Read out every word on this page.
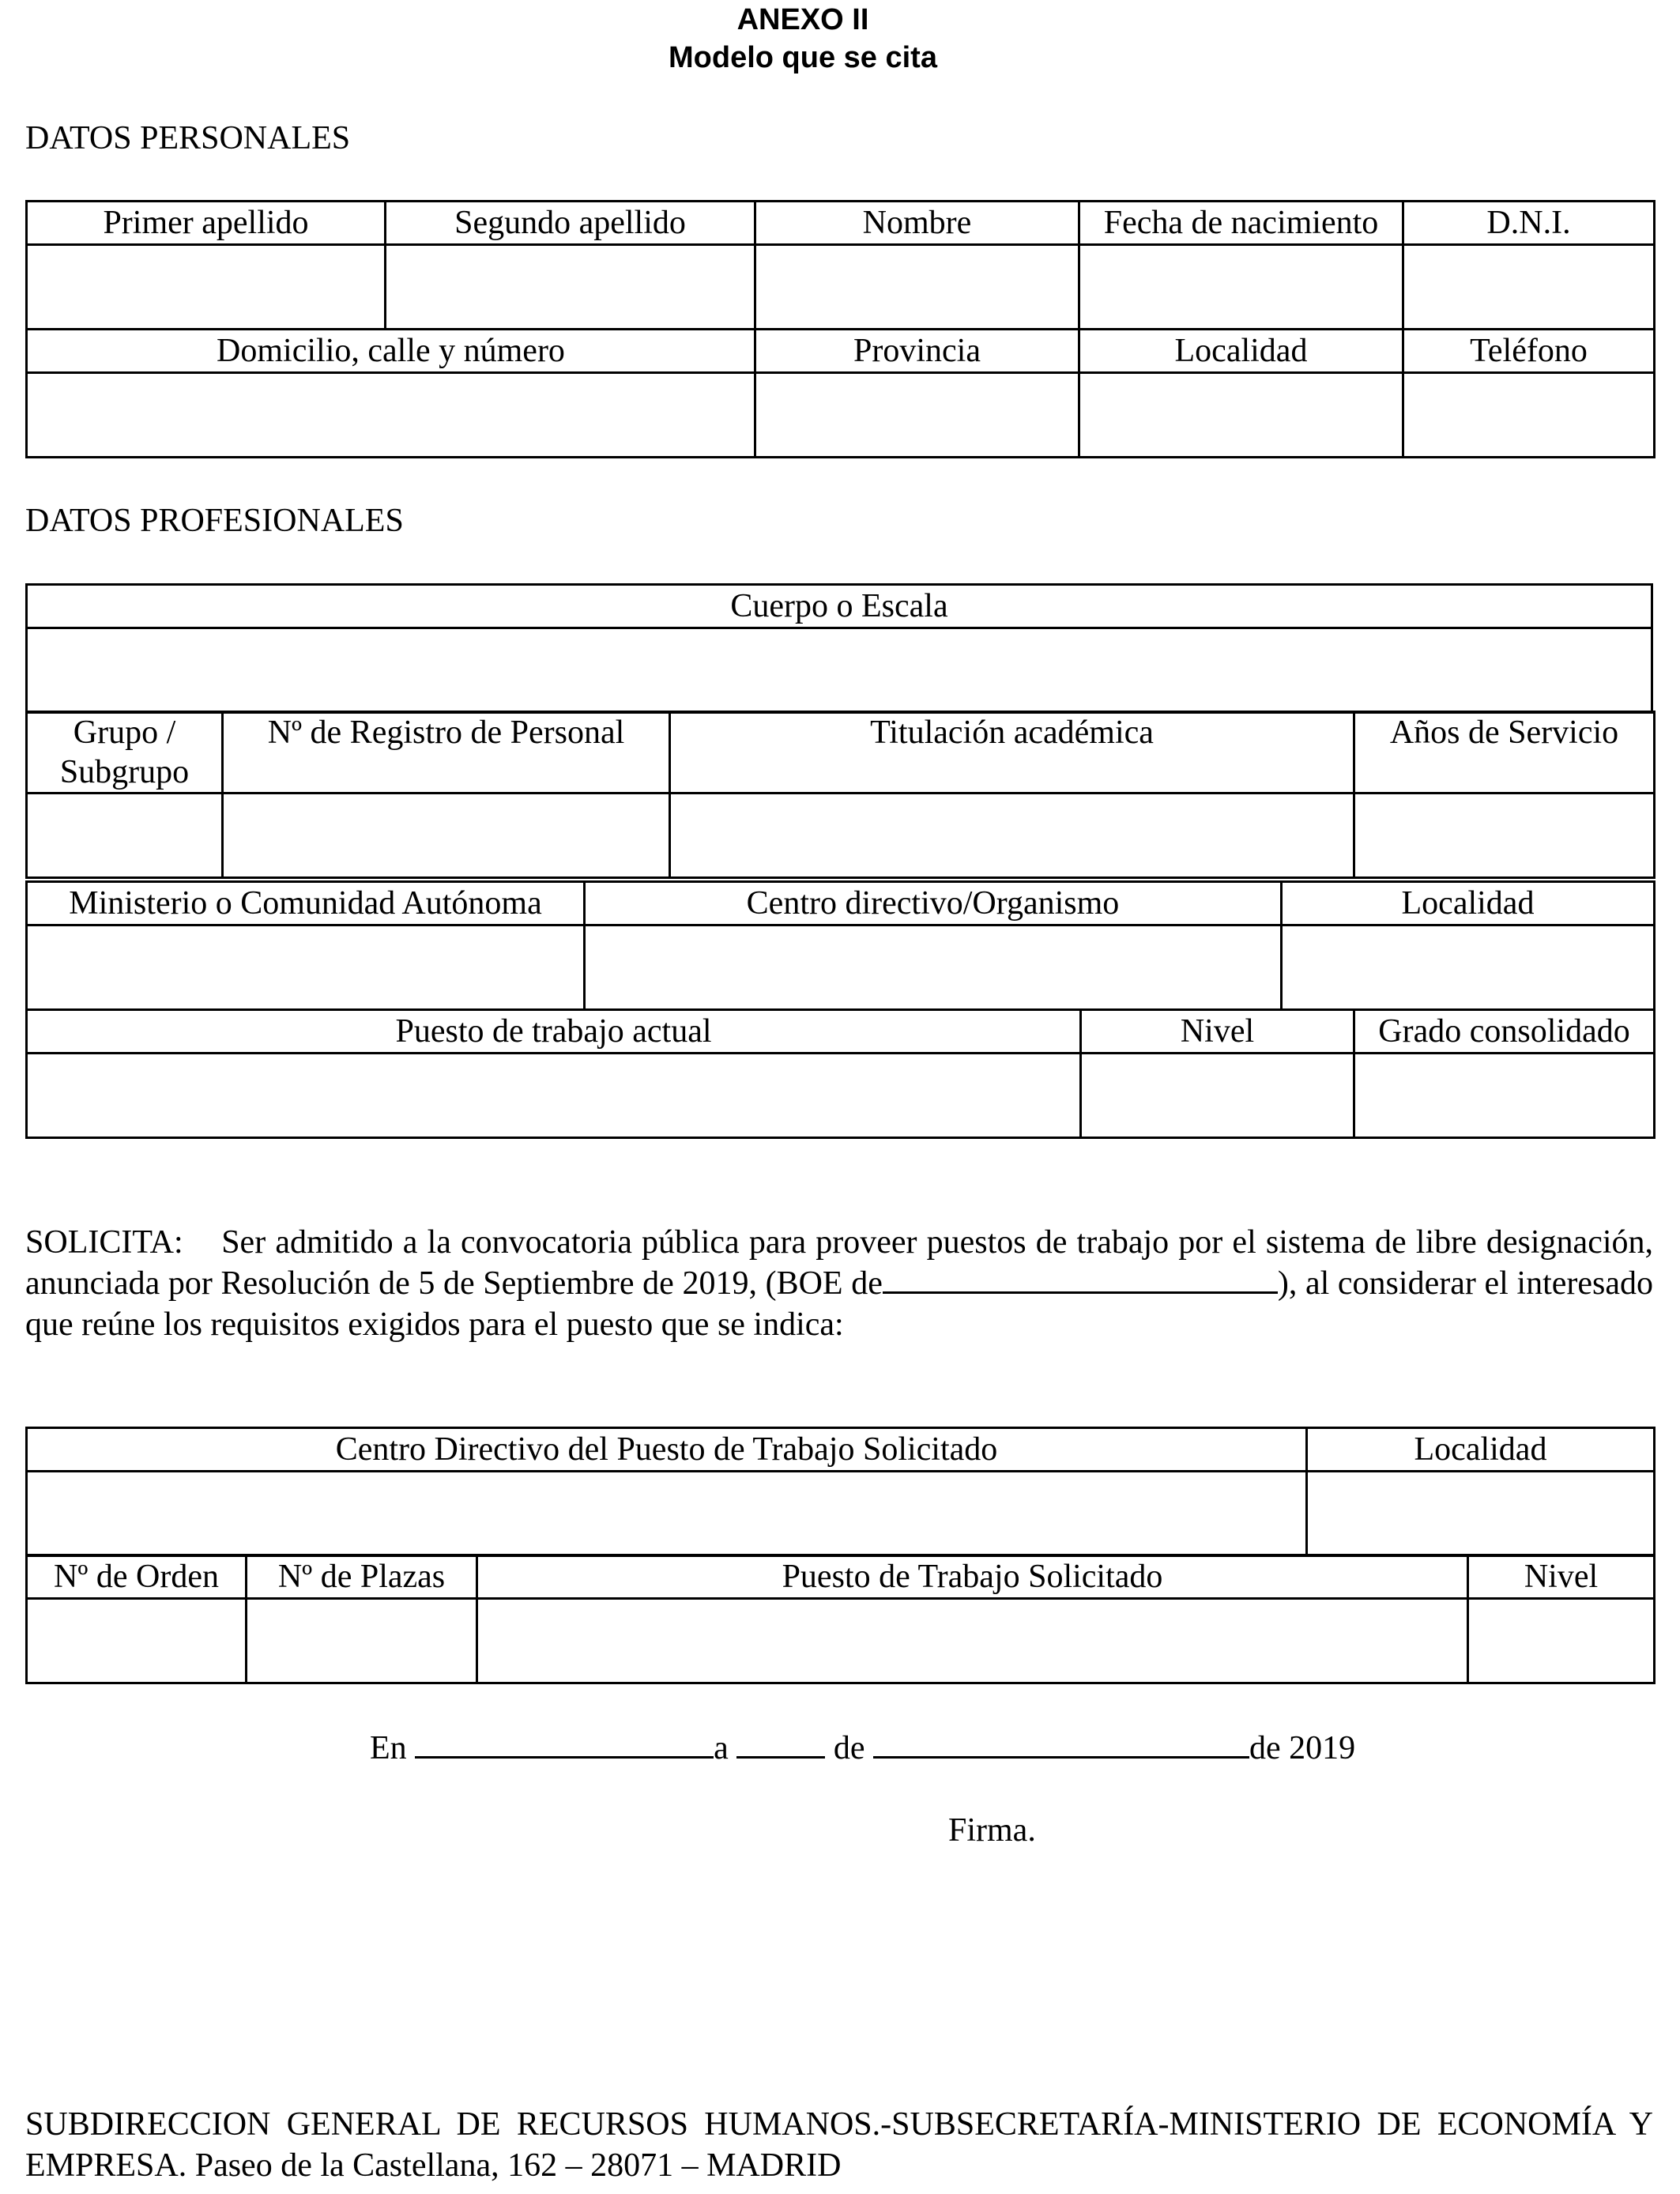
ANEXO II
Modelo que se cita
DATOS PERSONALES
Primer apellido	Segundo apellido	Nombre	Fecha de nacimiento	D.N.I.

Domicilio, calle y número		Provincia	Localidad	Teléfono

DATOS PROFESIONALES
Cuerpo o Escala

Grupo / Subgrupo	Nº de Registro de Personal	Titulación académica	Años de Servicio

Ministerio o Comunidad Autónoma	Centro directivo/Organismo	Localidad

Puesto de trabajo actual	Nivel	Grado consolidado

SOLICITA: Ser admitido a la convocatoria pública para proveer puestos de trabajo por el sistema de libre designación, anunciada por Resolución de 5 de Septiembre de 2019, (BOE de	), al considerar el interesado que reúne los requisitos exigidos para el puesto que se indica:
Centro Directivo del Puesto de Trabajo Solicitado	Localidad

Nº de Orden	Nº de Plazas	Puesto de Trabajo Solicitado	Nivel

En	a	de	de 2019
Firma.
SUBDIRECCION GENERAL DE RECURSOS HUMANOS.-SUBSECRETARÍA-MINISTERIO DE ECONOMÍA Y EMPRESA. Paseo de la Castellana, 162 – 28071 – MADRID
